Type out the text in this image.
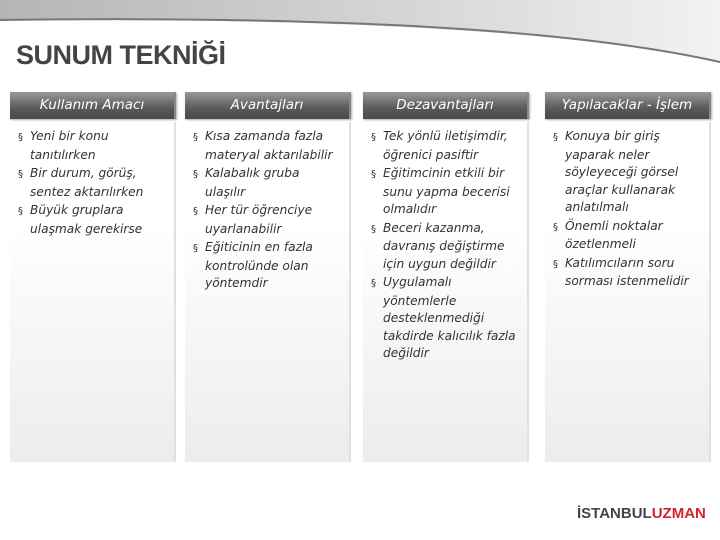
SUNUM TEKNİĞİ
Kullanım Amacı
§ Yeni bir konu tanıtılırken
§ Bir durum, görüş, sentez aktarılırken
§ Büyük gruplara ulaşmak gerekirse
Avantajları
§ Kısa zamanda fazla materyal aktarılabilir
§ Kalabalık gruba ulaşılır
§ Her tür öğrenciye uyarlanabilir
§ Eğiticinin en fazla kontrolünde olan yöntemdir
Dezavantajları
§ Tek yönlü iletişimdir, öğrenici pasiftir
§ Eğitimcinin etkili bir sunu yapma becerisi olmalıdır
§ Beceri kazanma, davranış değiştirme için uygun değildir
§ Uygulamalı yöntemlerle desteklenmediği takdirde kalıcılık fazla değildir
Yapılacaklar - İşlem
§ Konuya bir giriş yaparak neler söyleyeceği görsel araçlar kullanarak anlatılmalı
§ Önemli noktalar özetlenmeli
§ Katılımcıların soru sorması istenmelidir
İSTANBULUZMAN
